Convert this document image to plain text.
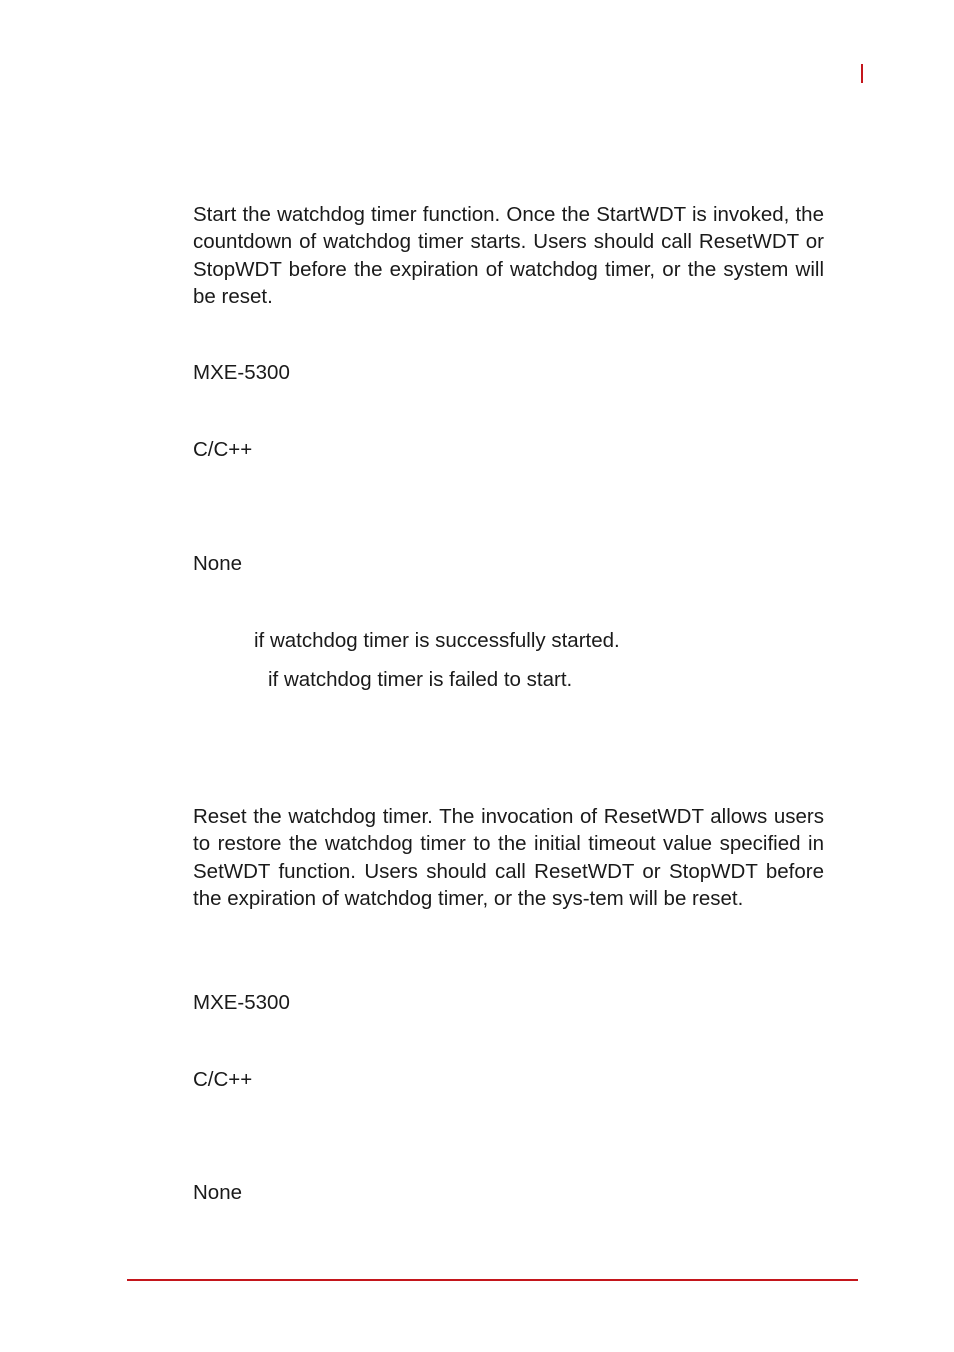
Start the watchdog timer function. Once the StartWDT is invoked, the countdown of watchdog timer starts. Users should call ResetWDT or StopWDT before the expiration of watchdog timer, or the system will be reset.

MXE-5300

C/C++

None

if watchdog timer is successfully started.

if watchdog timer is failed to start.

Reset the watchdog timer. The invocation of ResetWDT allows users to restore the watchdog timer to the initial timeout value specified in SetWDT function. Users should call ResetWDT or StopWDT before the expiration of watchdog timer, or the sys-tem will be reset.

MXE-5300

C/C++

None
